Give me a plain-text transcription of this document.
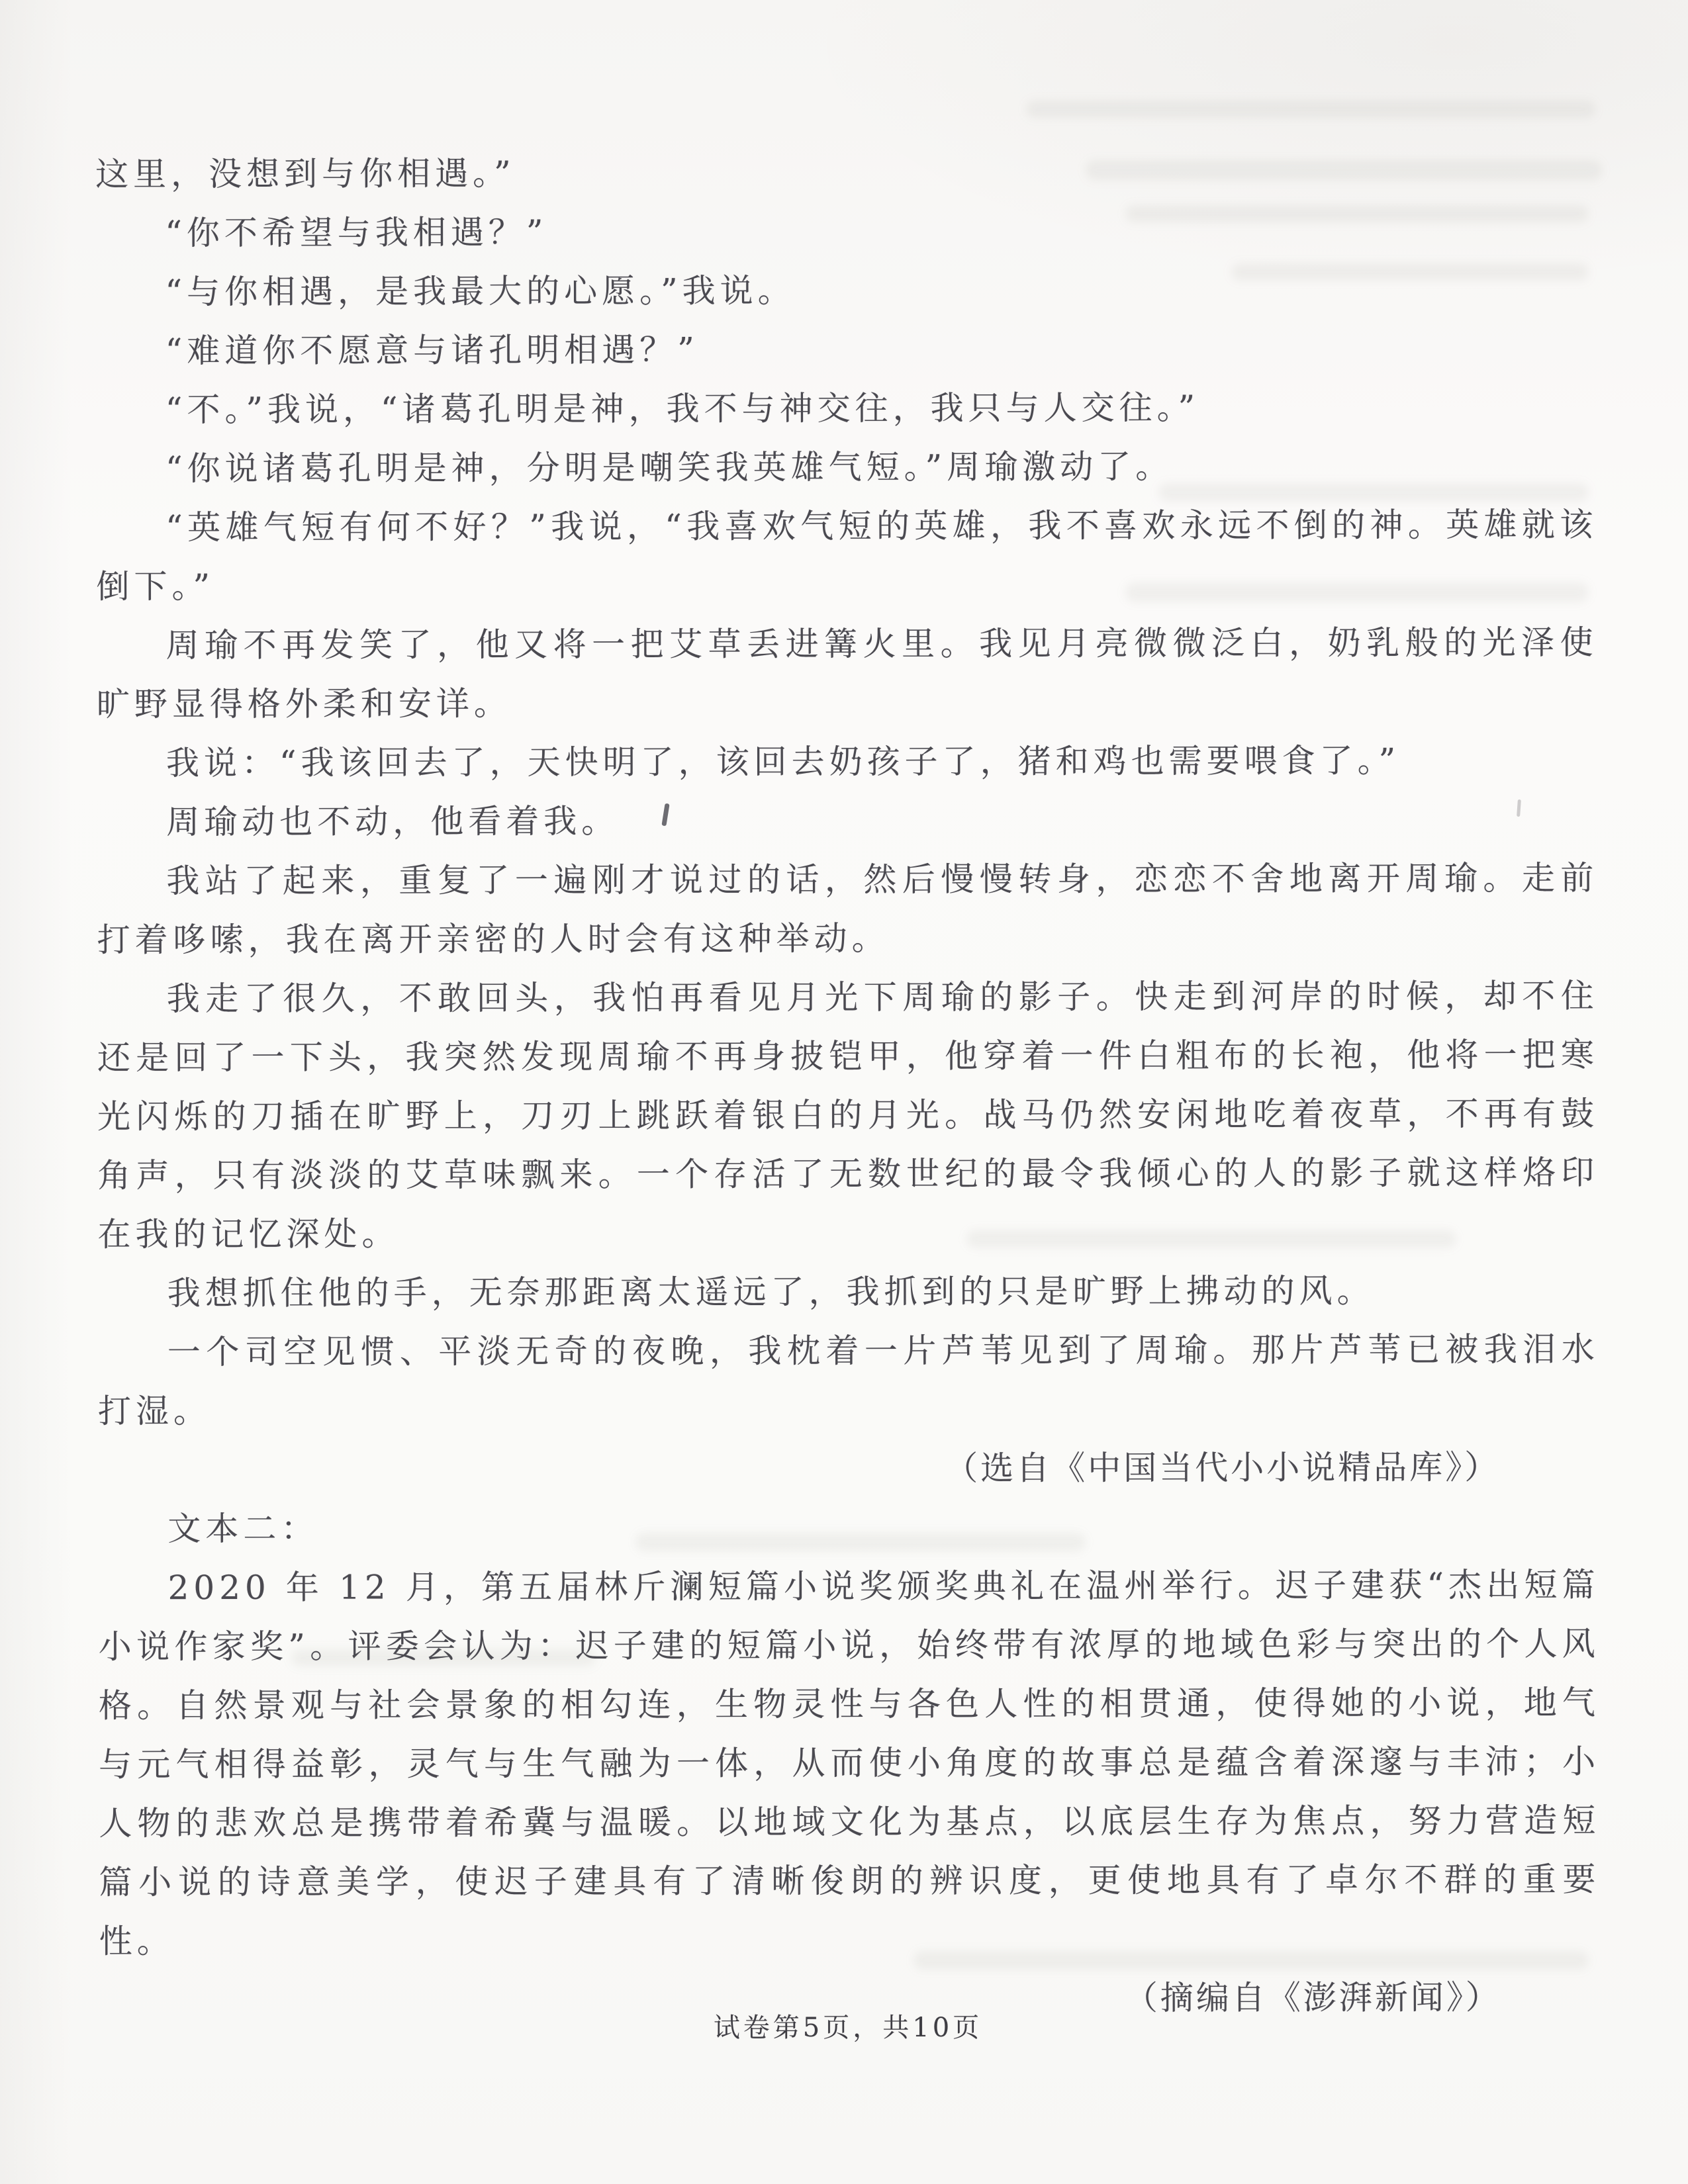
这里，没想到与你相遇。”

“你不希望与我相遇？”

“与你相遇，是我最大的心愿。”我说。

“难道你不愿意与诸孔明相遇？”

“不。”我说，“诸葛孔明是神，我不与神交往，我只与人交往。”

“你说诸葛孔明是神，分明是嘲笑我英雄气短。”周瑜激动了。

“英雄气短有何不好？”我说，“我喜欢气短的英雄，我不喜欢永远不倒的神。英雄就该倒下。”

周瑜不再发笑了，他又将一把艾草丢进篝火里。我见月亮微微泛白，奶乳般的光泽使旷野显得格外柔和安详。

我说：“我该回去了，天快明了，该回去奶孩子了，猪和鸡也需要喂食了。”

周瑜动也不动，他看着我。

我站了起来，重复了一遍刚才说过的话，然后慢慢转身，恋恋不舍地离开周瑜。走前打着哆嗦，我在离开亲密的人时会有这种举动。

我走了很久，不敢回头，我怕再看见月光下周瑜的影子。快走到河岸的时候，却不住还是回了一下头，我突然发现周瑜不再身披铠甲，他穿着一件白粗布的长袍，他将一把寒光闪烁的刀插在旷野上，刀刃上跳跃着银白的月光。战马仍然安闲地吃着夜草，不再有鼓角声，只有淡淡的艾草味飘来。一个存活了无数世纪的最令我倾心的人的影子就这样烙印在我的记忆深处。

我想抓住他的手，无奈那距离太遥远了，我抓到的只是旷野上拂动的风。

一个司空见惯、平淡无奇的夜晚，我枕着一片芦苇见到了周瑜。那片芦苇已被我泪水打湿。

（选自《中国当代小小说精品库》）

文本二：

2020 年 12 月，第五届林斤澜短篇小说奖颁奖典礼在温州举行。迟子建获“杰出短篇小说作家奖”。评委会认为：迟子建的短篇小说，始终带有浓厚的地域色彩与突出的个人风格。自然景观与社会景象的相勾连，生物灵性与各色人性的相贯通，使得她的小说，地气与元气相得益彰，灵气与生气融为一体，从而使小角度的故事总是蕴含着深邃与丰沛；小人物的悲欢总是携带着希冀与温暖。以地域文化为基点，以底层生存为焦点，努力营造短篇小说的诗意美学，使迟子建具有了清晰俊朗的辨识度，更使地具有了卓尔不群的重要性。

（摘编自《澎湃新闻》）

试卷第5页，共10页
